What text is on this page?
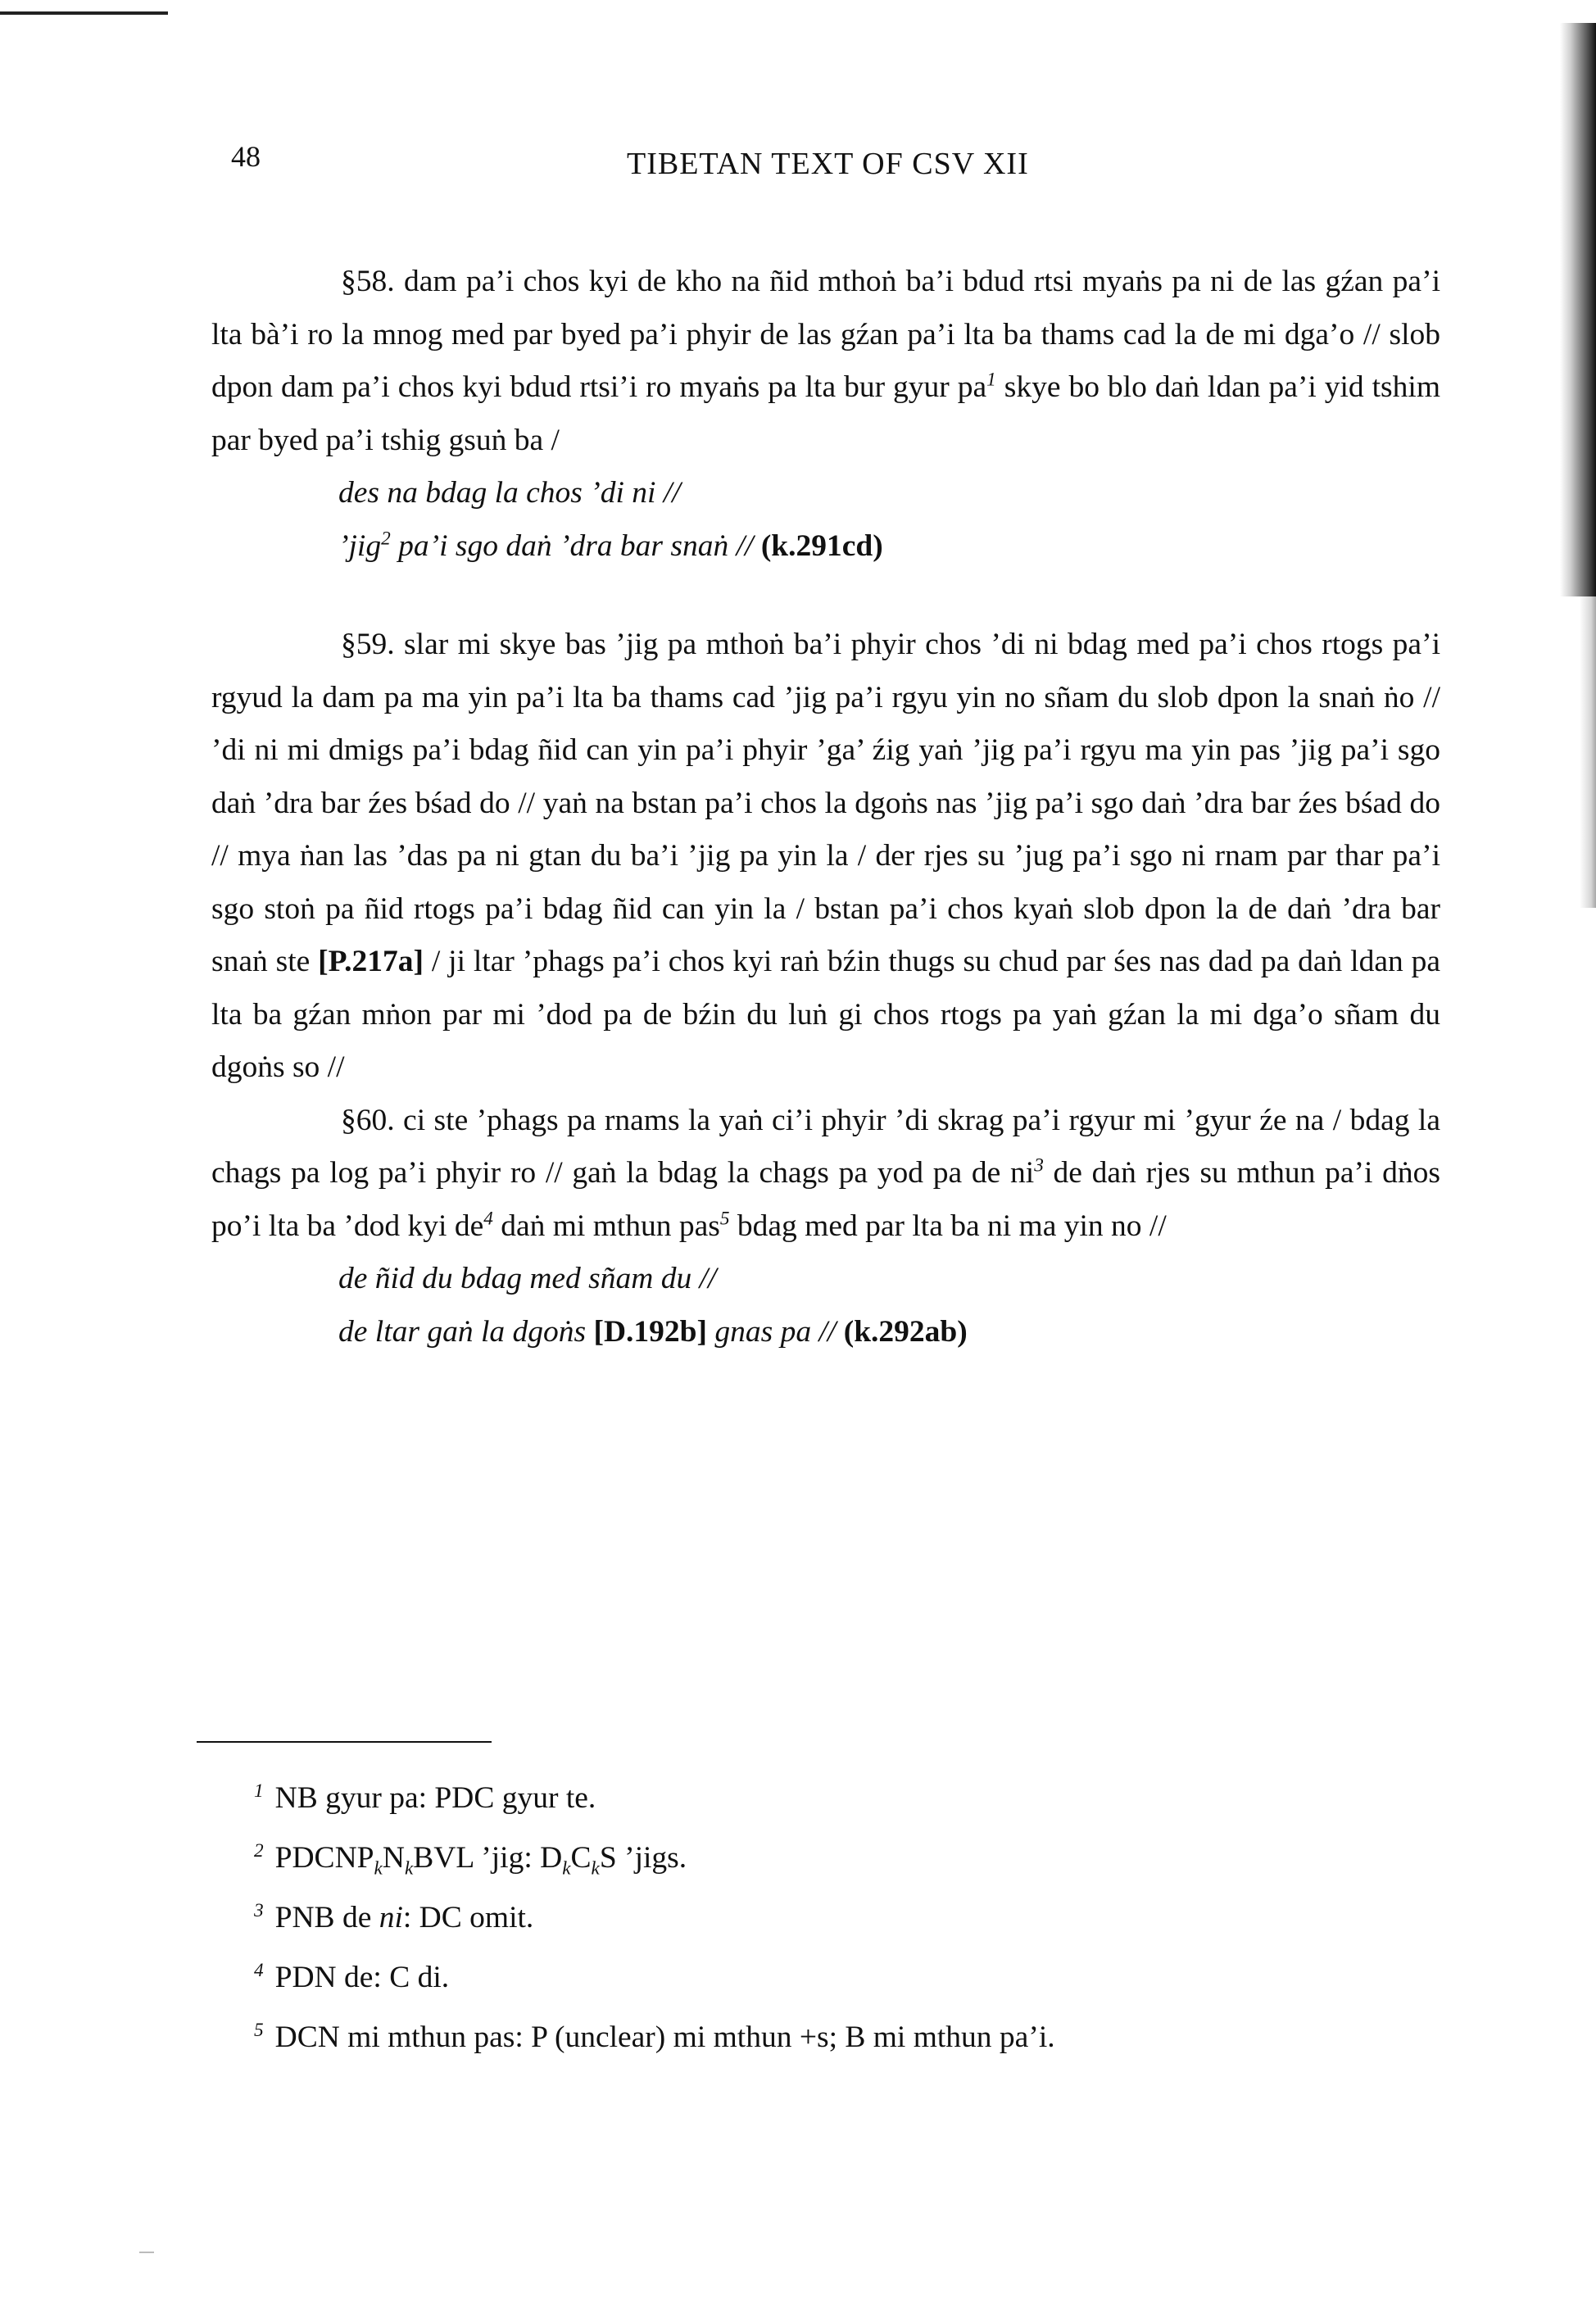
48	TIBETAN TEXT OF CSV XII

§58. dam pa’i chos kyi de kho na ñid mthoṅ ba’i bdud rtsi myaṅs pa ni de las gźan pa’i lta bà’i ro la mnog med par byed pa’i phyir de las gźan pa’i lta ba thams cad la de mi dga’o // slob dpon dam pa’i chos kyi bdud rtsi’i ro myaṅs pa lta bur gyur $pa^1$ skye bo blo daṅ ldan pa’i yid tshim par byed pa’i tshig gsuṅ ba /

des na bdag la chos ’di ni //

’jig$^2$ pa’i sgo daṅ ’dra bar snaṅ // (k.291cd)

§59. slar mi skye bas ’jig pa mthoṅ ba’i phyir chos ’di ni bdag med pa’i chos rtogs pa’i rgyud la dam pa ma yin pa’i lta ba thams cad ’jig pa’i rgyu yin no sñam du slob dpon la snaṅ ṅo // ’di ni mi dmigs pa’i bdag ñid can yin pa’i phyir ’ga’ źig yaṅ ’jig pa’i rgyu ma yin pas ’jig pa’i sgo daṅ ’dra bar źes bśad do // yaṅ na bstan pa’i chos la dgoṅs nas ’jig pa’i sgo daṅ ’dra bar źes bśad do // mya ṅan las ’das pa ni gtan du ba’i ’jig pa yin la / der rjes su ’jug pa’i sgo ni rnam par thar pa’i sgo stoṅ pa ñid rtogs pa’i bdag ñid can yin la / bstan pa’i chos kyaṅ slob dpon la de daṅ ’dra bar snaṅ ste [P.217a] / ji ltar ’phags pa’i chos kyi raṅ bźin thugs su chud par śes nas dad pa daṅ ldan pa lta ba gźan mṅon par mi ’dod pa de bźin du luṅ gi chos rtogs pa yaṅ gźan la mi dga’o sñam du dgoṅs so //

§60. ci ste ’phags pa rnams la yaṅ ci’i phyir ’di skrag pa’i rgyur mi ’gyur źe na / bdag la chags pa log pa’i phyir ro // gaṅ la bdag la chags pa yod pa de $ni^3$ de daṅ rjes su mthun pa’i dṅos po’i lta ba ’dod kyi $de^4$ daṅ mi mthun pas$^5$ bdag med par lta ba ni ma yin no //

de ñid du bdag med sñam du //

de ltar gaṅ la dgoṅs [D.192b] gnas pa // (k.292ab)

$^1$ NB gyur pa: PDC gyur te.

$^2$ $PDCNP_kN_kBVL$ ’jig: $D_kC_kS$ ’jigs.

$^3$ PNB de ni: DC omit.

$^4$ PDN de: C di.

$^5$ DCN mi mthun pas: P (unclear) mi mthun +s; B mi mthun pa’i.
